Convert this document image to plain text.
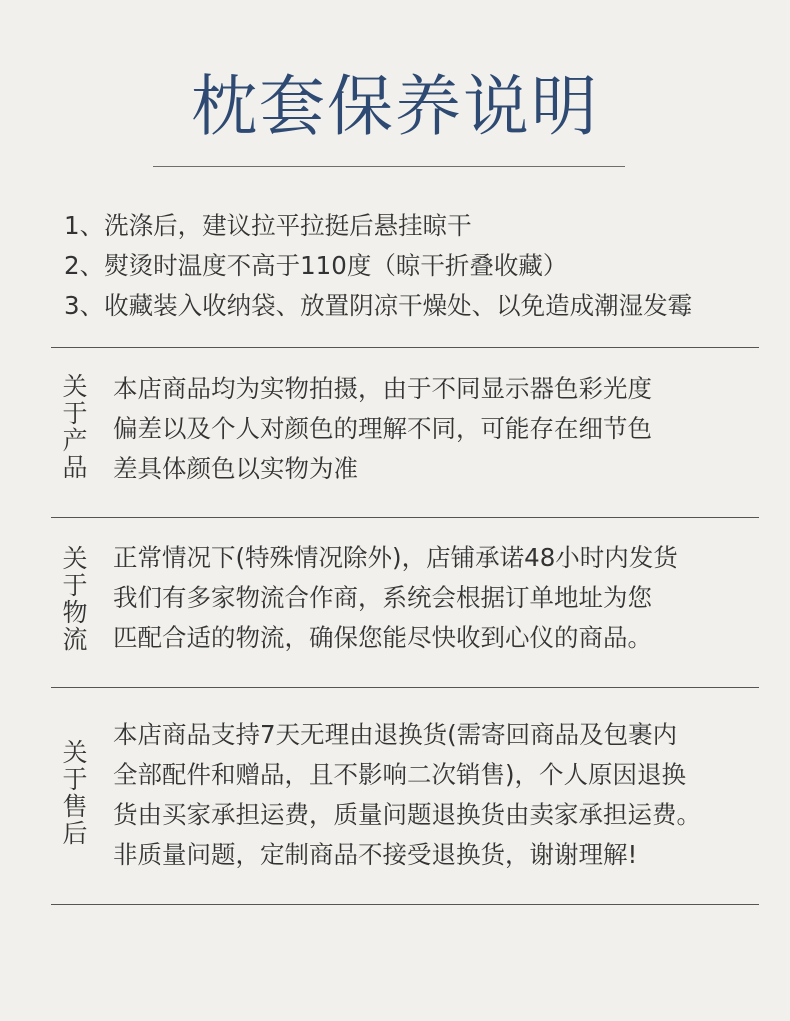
枕套保养说明
1、洗涤后，建议拉平拉挺后悬挂晾干
2、熨烫时温度不高于110度（晾干折叠收藏）
3、收藏装入收纳袋、放置阴凉干燥处、以免造成潮湿发霉
关
于
产
品
本店商品均为实物拍摄，由于不同显示器色彩光度
偏差以及个人对颜色的理解不同，可能存在细节色
差具体颜色以实物为准
关
于
物
流
正常情况下(特殊情况除外)，店铺承诺48小时内发货
我们有多家物流合作商，系统会根据订单地址为您
匹配合适的物流，确保您能尽快收到心仪的商品。
关
于
售
后
本店商品支持7天无理由退换货(需寄回商品及包裹内
全部配件和赠品，且不影响二次销售)，个人原因退换
货由买家承担运费，质量问题退换货由卖家承担运费。
非质量问题，定制商品不接受退换货，谢谢理解!
